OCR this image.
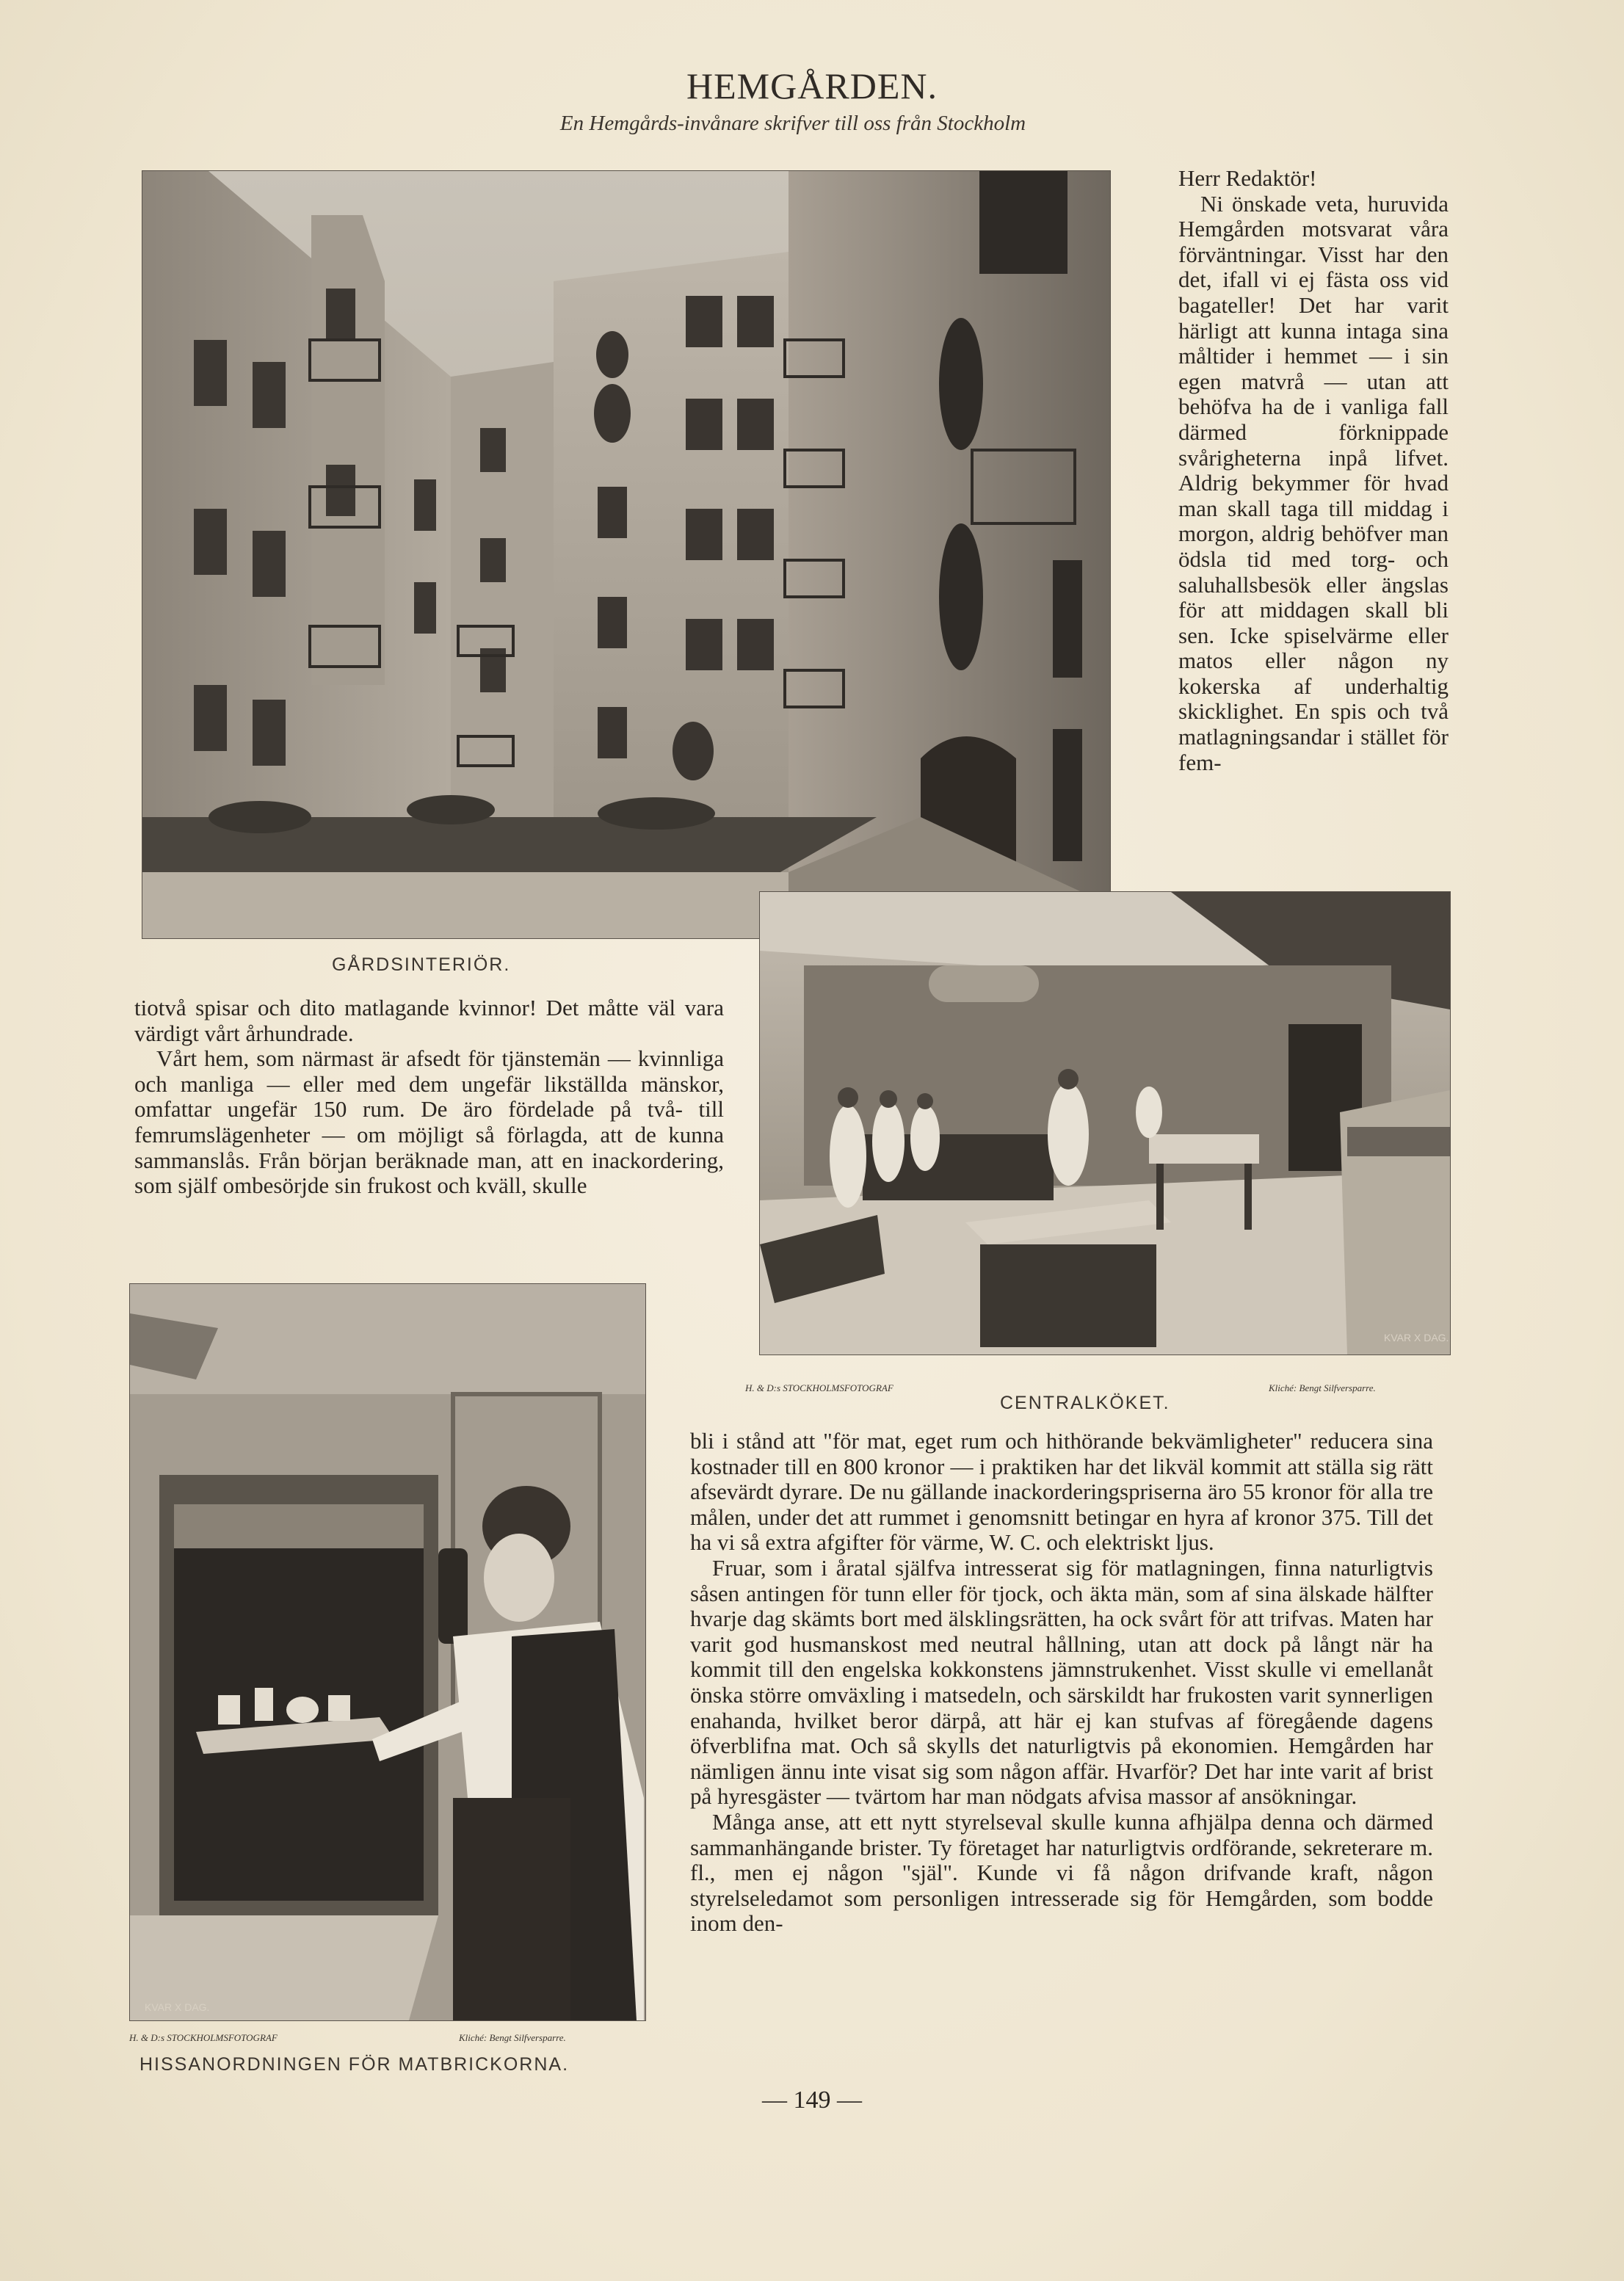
HEMGÅRDEN.
En Hemgårds-invånare skrifver till oss från Stockholm

Herr Redaktör!

Ni önskade veta, huruvida Hemgården motsvarat våra förväntningar. Visst har den det, ifall vi ej fästa oss vid bagateller! Det har varit härligt att kunna intaga sina måltider i hemmet — i sin egen matvrå — utan att behöfva ha de i vanliga fall därmed förknippade svårigheterna inpå lifvet. Aldrig bekymmer för hvad man skall taga till middag i morgon, aldrig behöfver man ödsla tid med torg- och saluhallsbesök eller ängslas för att middagen skall bli sen. Icke spiselvärme eller matos eller någon ny kokerska af underhaltig skicklighet. En spis och två matlagningsandar i stället för fem-

GÅRDSINTERIÖR.
KVAR X DAG.

tiotvå spisar och dito matlagande kvinnor! Det måtte väl vara värdigt vårt århundrade.

Vårt hem, som närmast är afsedt för tjänstemän — kvinnliga och manliga — eller med dem ungefär likställda mänskor, omfattar ungefär 150 rum. De äro fördelade på två- till femrumslägenheter — om möjligt så förlagda, att de kunna sammanslås. Från början beräknade man, att en inackordering, som själf ombesörjde sin frukost och kväll, skulle

KVAR X DAG.
H. & D:s STOCKHOLMSFOTOGRAF
CENTRALKÖKET.
Kliché: Bengt Silfversparre.

bli i stånd att "för mat, eget rum och hithörande bekvämligheter" reducera sina kostnader till en 800 kronor — i praktiken har det likväl kommit att ställa sig rätt afsevärdt dyrare. De nu gällande inackorderingspriserna äro 55 kronor för alla tre målen, under det att rummet i genomsnitt betingar en hyra af kronor 375. Till det ha vi så extra afgifter för värme, W. C. och elektriskt ljus.

Fruar, som i åratal själfva intresserat sig för matlagningen, finna naturligtvis såsen antingen för tunn eller för tjock, och äkta män, som af sina älskade hälfter hvarje dag skämts bort med älsklingsrätten, ha ock svårt för att trifvas. Maten har varit god husmanskost med neutral hållning, utan att dock på långt när ha kommit till den engelska kokkonstens jämnstrukenhet. Visst skulle vi emellanåt önska större omväxling i matsedeln, och särskildt har frukosten varit synnerligen enahanda, hvilket beror därpå, att här ej kan stufvas af föregående dagens öfverblifna mat. Och så skylls det naturligtvis på ekonomien. Hemgården har nämligen ännu inte visat sig som någon affär. Hvarför? Det har inte varit af brist på hyresgäster — tvärtom har man nödgats afvisa massor af ansökningar.

Många anse, att ett nytt styrelseval skulle kunna afhjälpa denna och därmed sammanhängande brister. Ty företaget har naturligtvis ordförande, sekreterare m. fl., men ej någon "själ". Kunde vi få någon drifvande kraft, någon styrelseledamot som personligen intresserade sig för Hemgården, som bodde inom den-

H. & D:s STOCKHOLMSFOTOGRAF	Kliché: Bengt Silfversparre.
HISSANORDNINGEN FÖR MATBRICKORNA.
— 149 —
